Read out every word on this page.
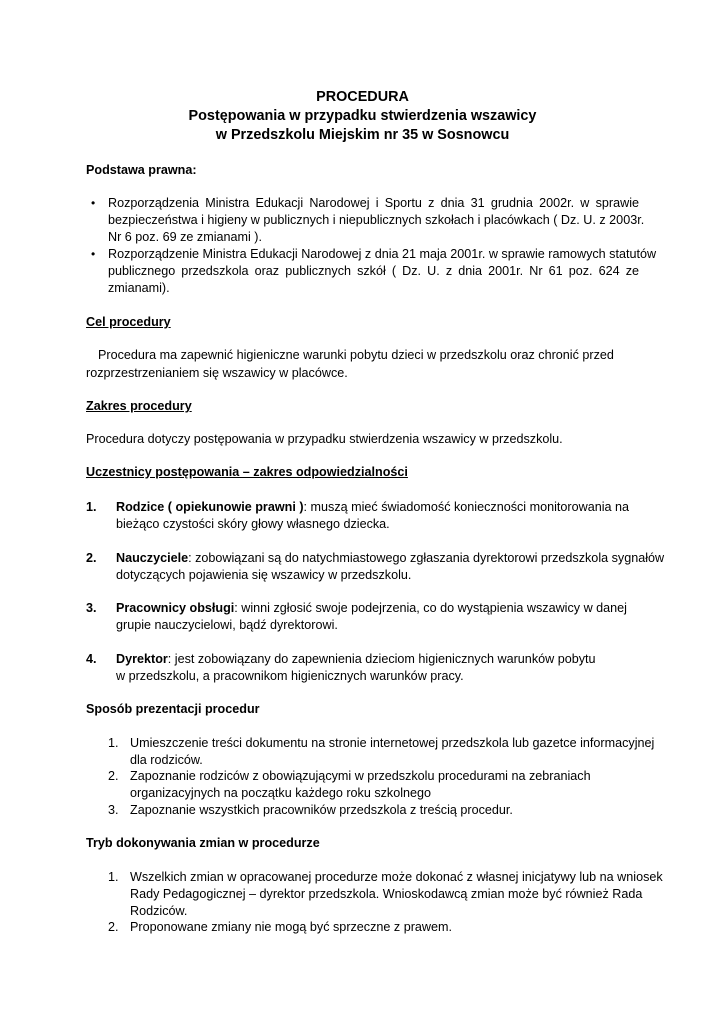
PROCEDURA
Postępowania w przypadku stwierdzenia wszawicy
w Przedszkolu Miejskim nr 35 w Sosnowcu
Podstawa prawna:
• Rozporządzenia Ministra Edukacji Narodowej i Sportu z dnia 31 grudnia 2002r. w sprawie
bezpieczeństwa i higieny w publicznych i niepublicznych szkołach i placówkach ( Dz. U. z 2003r.
Nr 6 poz. 69 ze zmianami ).
• Rozporządzenie Ministra Edukacji Narodowej z dnia 21 maja 2001r. w sprawie ramowych statutów
publicznego przedszkola oraz publicznych szkół ( Dz. U. z dnia 2001r. Nr 61 poz. 624 ze
zmianami).
Cel procedury
Procedura ma zapewnić higieniczne warunki pobytu dzieci w przedszkolu oraz chronić przed
rozprzestrzenianiem się wszawicy w placówce.
Zakres procedury
Procedura dotyczy postępowania w przypadku stwierdzenia wszawicy w przedszkolu.
Uczestnicy postępowania – zakres odpowiedzialności
1. Rodzice ( opiekunowie prawni ): muszą mieć świadomość konieczności monitorowania na
bieżąco czystości skóry głowy własnego dziecka.
2. Nauczyciele: zobowiązani są do natychmiastowego zgłaszania dyrektorowi przedszkola sygnałów
dotyczących pojawienia się wszawicy w przedszkolu.
3. Pracownicy obsługi: winni zgłosić swoje podejrzenia, co do wystąpienia wszawicy w danej
grupie nauczycielowi, bądź dyrektorowi.
4. Dyrektor: jest zobowiązany do zapewnienia dzieciom higienicznych warunków pobytu
w przedszkolu, a pracownikom higienicznych warunków pracy.
Sposób prezentacji procedur
1. Umieszczenie treści dokumentu na stronie internetowej przedszkola lub gazetce informacyjnej
dla rodziców.
2. Zapoznanie rodziców z obowiązującymi w przedszkolu procedurami na zebraniach
organizacyjnych na początku każdego roku szkolnego
3. Zapoznanie wszystkich pracowników przedszkola z treścią procedur.
Tryb dokonywania zmian w procedurze
1. Wszelkich zmian w opracowanej procedurze może dokonać z własnej inicjatywy lub na wniosek
Rady Pedagogicznej – dyrektor przedszkola. Wnioskodawcą zmian może być również Rada
Rodziców.
2. Proponowane zmiany nie mogą być sprzeczne z prawem.
